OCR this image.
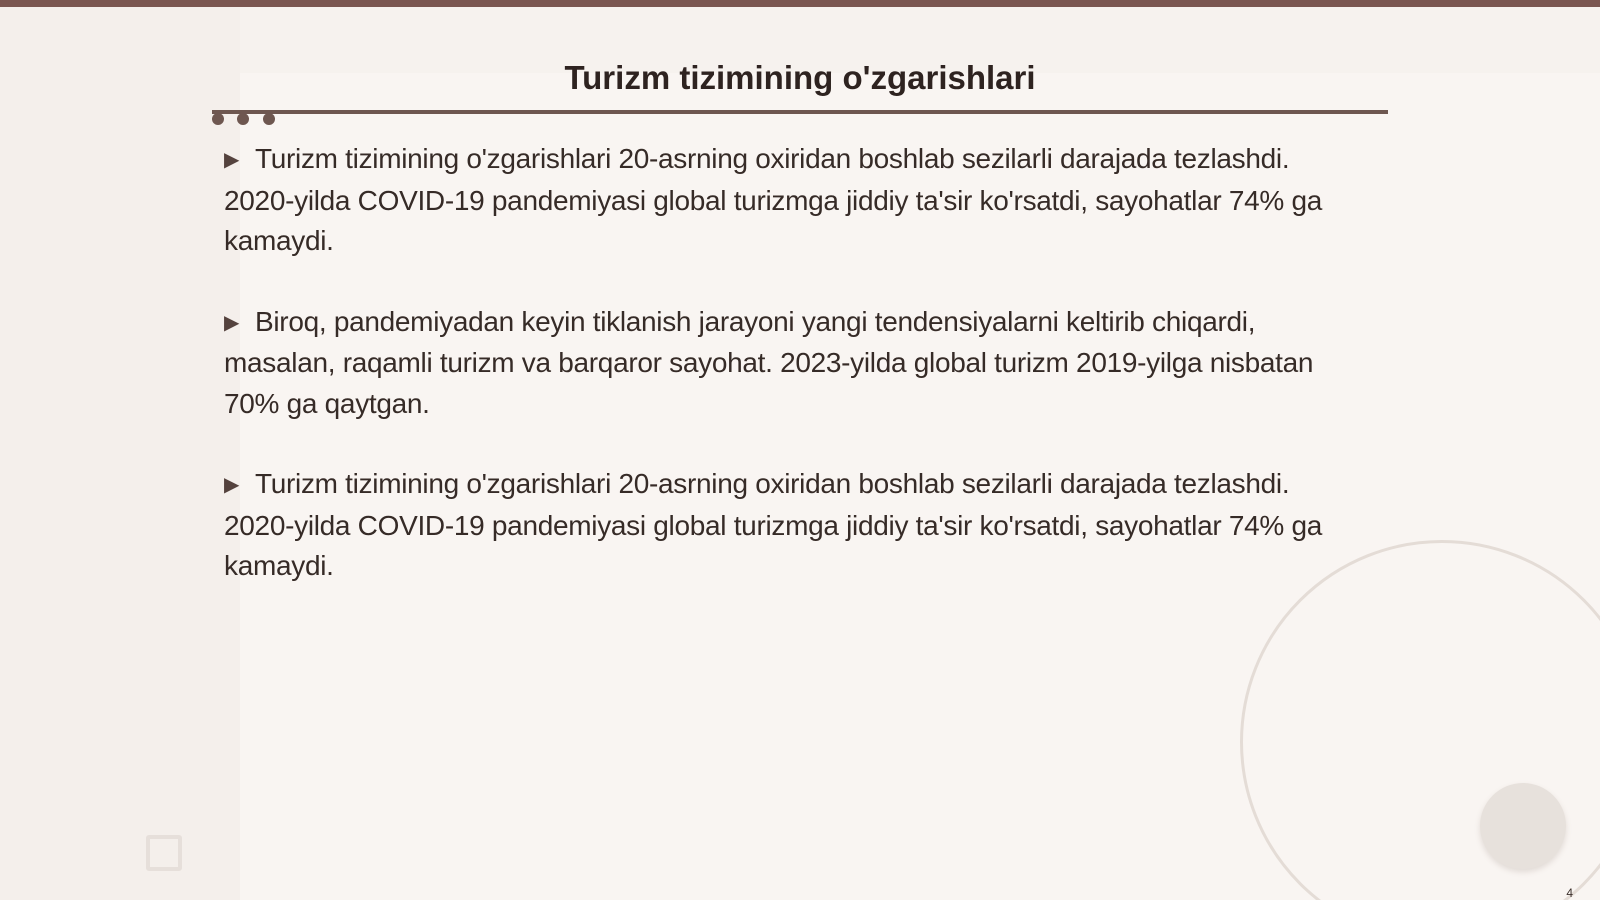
Turizm tizimining o'zgarishlari

▶ Turizm tizimining o'zgarishlari 20-asrning oxiridan boshlab sezilarli darajada tezlashdi. 2020-yilda COVID-19 pandemiyasi global turizmga jiddiy ta'sir ko'rsatdi, sayohatlar 74% ga kamaydi.

▶ Biroq, pandemiyadan keyin tiklanish jarayoni yangi tendensiyalarni keltirib chiqardi, masalan, raqamli turizm va barqaror sayohat. 2023-yilda global turizm 2019-yilga nisbatan 70% ga qaytgan.

▶ Turizm tizimining o'zgarishlari 20-asrning oxiridan boshlab sezilarli darajada tezlashdi. 2020-yilda COVID-19 pandemiyasi global turizmga jiddiy ta'sir ko'rsatdi, sayohatlar 74% ga kamaydi.

4
